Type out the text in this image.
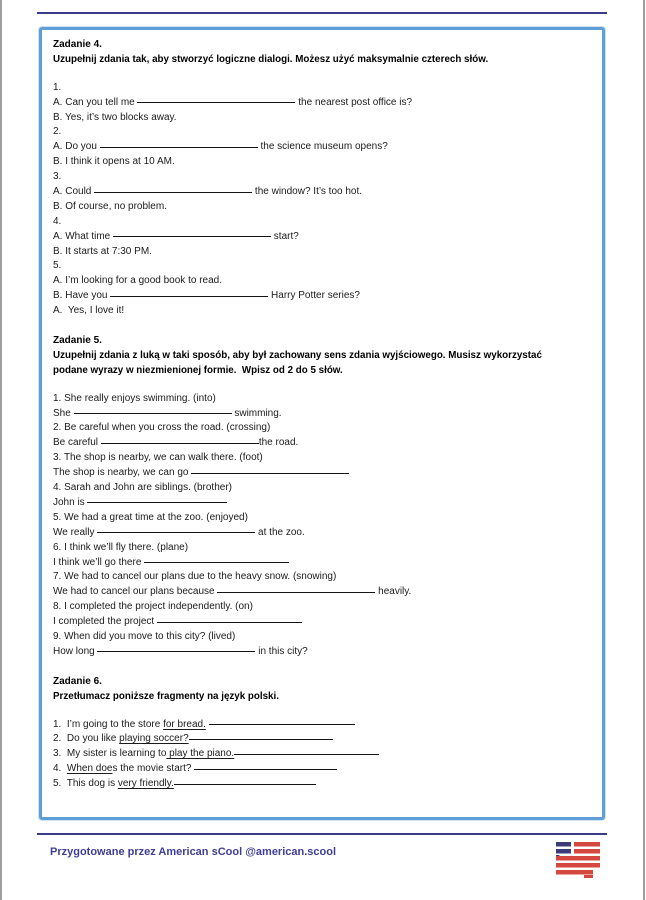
Zadanie 4.
Uzupełnij zdania tak, aby stworzyć logiczne dialogi. Możesz użyć maksymalnie czterech słów.
1.
A. Can you tell me	the nearest post office is?
B. Yes, it’s two blocks away.
2.
A. Do you	the science museum opens?
B. I think it opens at 10 AM.
3.
A. Could	the window? It’s too hot.
B. Of course, no problem.
4.
A. What time	start?
B. It starts at 7:30 PM.
5.
A. I’m looking for a good book to read.
B. Have you	Harry Potter series?
A.  Yes, I love it!
Zadanie 5.
Uzupełnij zdania z luką w taki sposób, aby był zachowany sens zdania wyjściowego. Musisz wykorzystać
podane wyrazy w niezmienionej formie.  Wpisz od 2 do 5 słów.
1. She really enjoys swimming. (into)
She	swimming.
2. Be careful when you cross the road. (crossing)
Be careful	the road.
3. The shop is nearby, we can walk there. (foot)
The shop is nearby, we can go
4. Sarah and John are siblings. (brother)
John is
5. We had a great time at the zoo. (enjoyed)
We really	at the zoo.
6. I think we’ll fly there. (plane)
I think we’ll go there
7. We had to cancel our plans due to the heavy snow. (snowing)
We had to cancel our plans because	heavily.
8. I completed the project independently. (on)
I completed the project
9. When did you move to this city? (lived)
How long	in this city?
Zadanie 6.
Przetłumacz poniższe fragmenty na język polski.
1.  I’m going to the store for bread.
2.  Do you like playing soccer?
3.  My sister is learning to play the piano.
4.  When does the movie start?
5.  This dog is very friendly.
Przygotowane przez American sCool @american.scool
